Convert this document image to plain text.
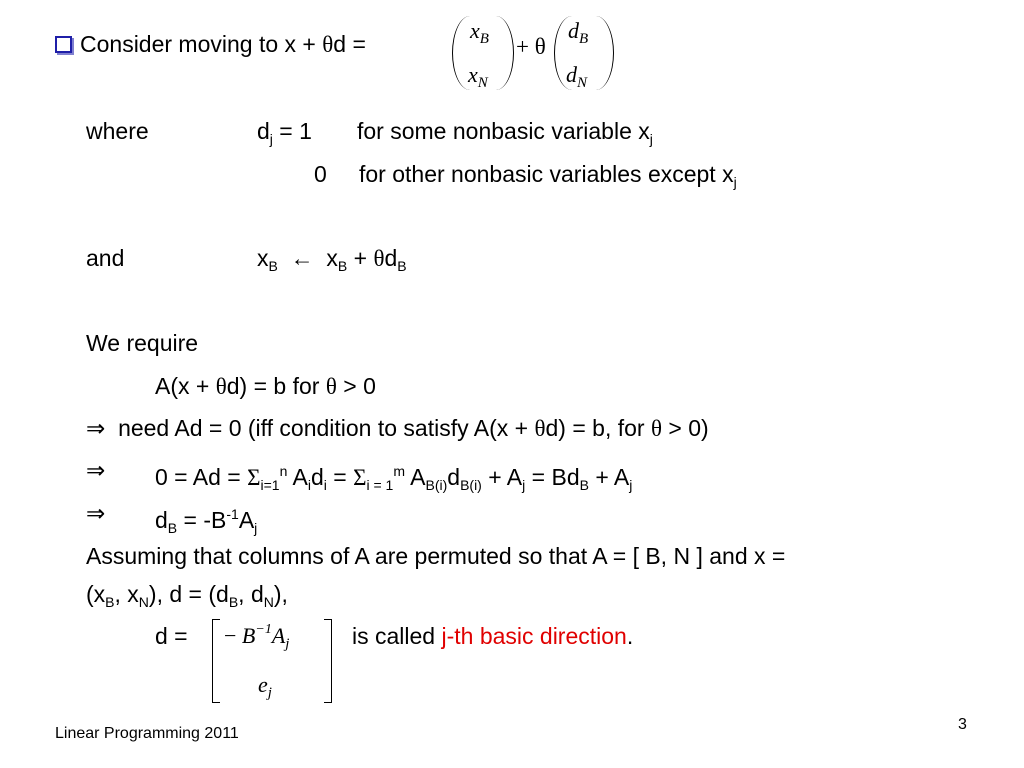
Consider moving to x + θd =
$x_B$
$x_N$
+ θ
$d_B$
$d_N$
where	$d_j = 1$ for some nonbasic variable $x_j$
0 for other nonbasic variables except $x_j$
and	$x_B$ ← $x_B + \theta d_B$
We require
A(x + θd) = b for θ > 0
⇒ need Ad = 0 (iff condition to satisfy A(x + θd) = b, for θ > 0)
⇒ $0 = Ad = \Sigma_{i=1}^n$ $A_id_i = \Sigma_{i = 1}^m$ $A_{B(i)}d_{B(i)} + A_j = Bd_B + A_j$
⇒ $d_B = -B^{-1}A_j$
Assuming that columns of A are permuted so that A = [ B, N ] and x =
($x_B$, $x_N$), $d = (d_B$, $d_N$),
d = − $B^{-1}A_j$
$e_j$
is called j-th basic direction.
Linear Programming 2011
3
